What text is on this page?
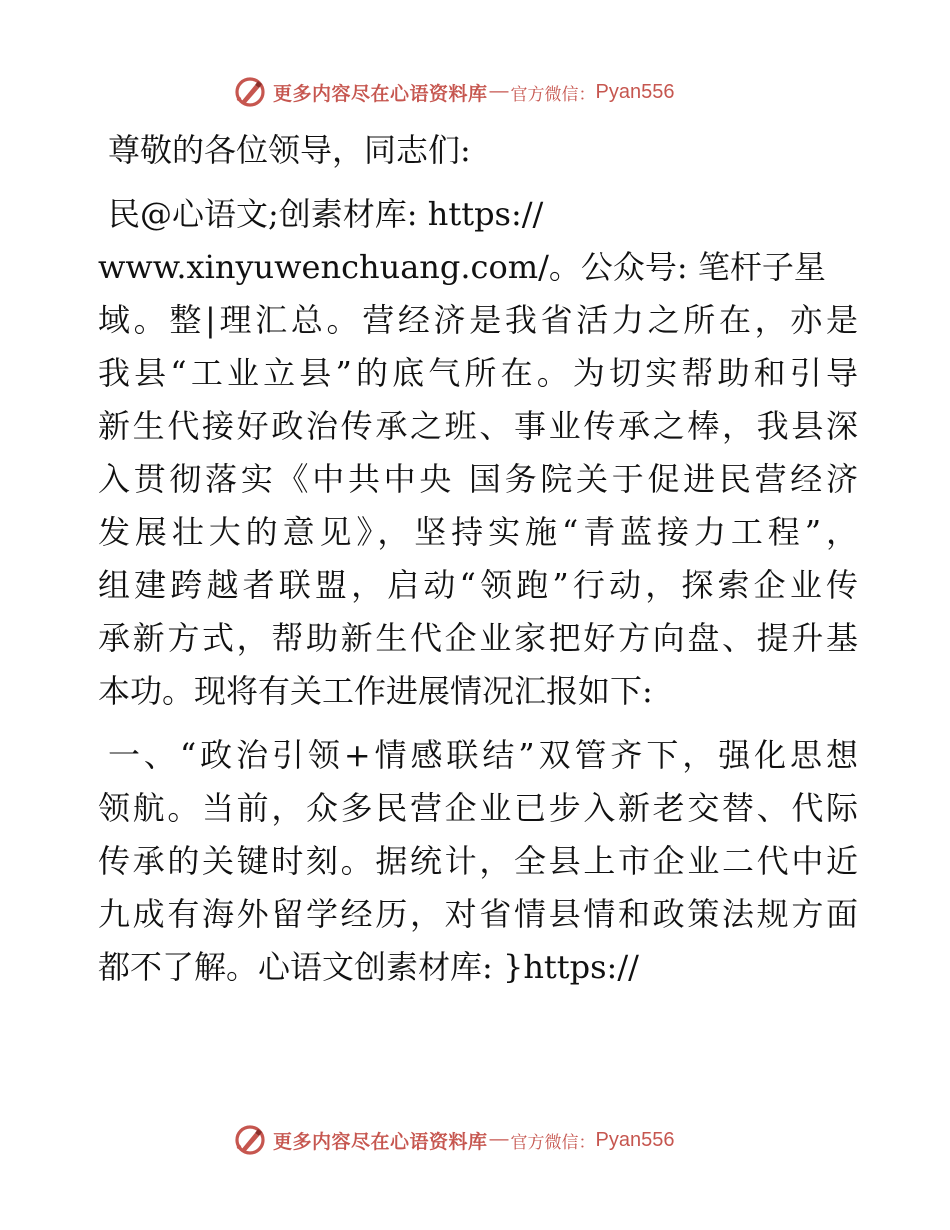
更多内容尽在心语资料库 — 官方微信： Pyan556

尊敬的各位领导，同志们:

民@心语文;创素材库: https://
www.xinyuwenchuang.com/。公众号: 笔杆子星
域。整|理汇总。营经济是我省活力之所在，亦是
我县“工业立县”的底气所在。为切实帮助和引导
新生代接好政治传承之班、事业传承之棒，我县深
入贯彻落实《中共中央 国务院关于促进民营经济
发展壮大的意见》，坚持实施“青蓝接力工程”，
组建跨越者联盟，启动“领跑”行动，探索企业传
承新方式，帮助新生代企业家把好方向盘、提升基
本功。现将有关工作进展情况汇报如下:

一、“政治引领+情感联结”双管齐下，强化思想
领航。当前，众多民营企业已步入新老交替、代际
传承的关键时刻。据统计，全县上市企业二代中近
九成有海外留学经历，对省情县情和政策法规方面
都不了解。心语文创素材库: }https://

更多内容尽在心语资料库 — 官方微信： Pyan556
